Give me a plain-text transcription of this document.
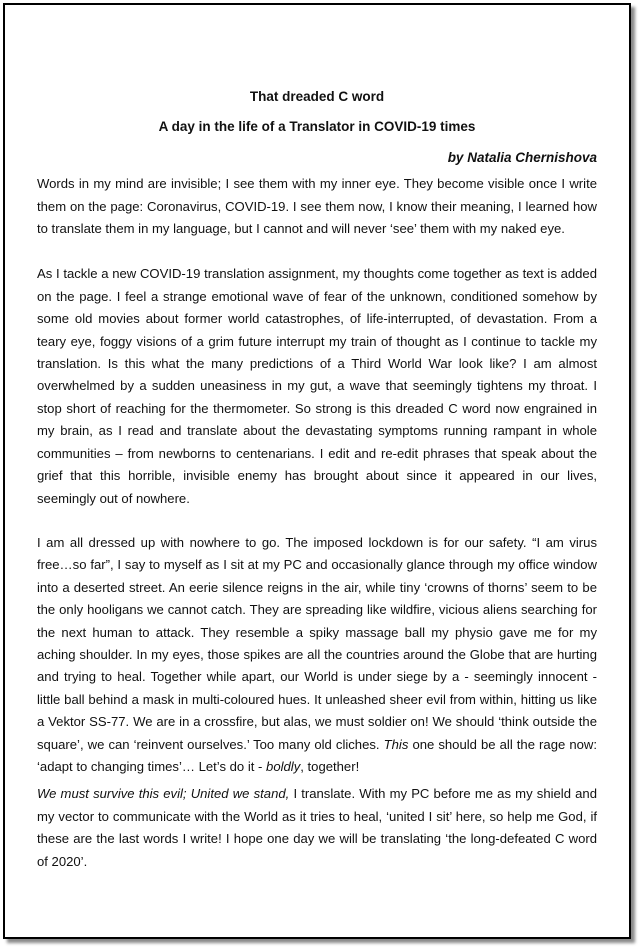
That dreaded C word

A day in the life of a Translator in COVID-19 times

by Natalia Chernishova

Words in my mind are invisible; I see them with my inner eye. They become visible once I write them on the page: Coronavirus, COVID-19. I see them now, I know their meaning, I learned how to translate them in my language, but I cannot and will never ‘see’ them with my naked eye.

As I tackle a new COVID-19 translation assignment, my thoughts come together as text is added on the page. I feel a strange emotional wave of fear of the unknown, conditioned somehow by some old movies about former world catastrophes, of life-interrupted, of devastation. From a teary eye, foggy visions of a grim future interrupt my train of thought as I continue to tackle my translation. Is this what the many predictions of a Third World War look like? I am almost overwhelmed by a sudden uneasiness in my gut, a wave that seemingly tightens my throat. I stop short of reaching for the thermometer. So strong is this dreaded C word now engrained in my brain, as I read and translate about the devastating symptoms running rampant in whole communities – from newborns to centenarians. I edit and re-edit phrases that speak about the grief that this horrible, invisible enemy has brought about since it appeared in our lives, seemingly out of nowhere.

I am all dressed up with nowhere to go. The imposed lockdown is for our safety. “I am virus free…so far”, I say to myself as I sit at my PC and occasionally glance through my office window into a deserted street. An eerie silence reigns in the air, while tiny ‘crowns of thorns’ seem to be the only hooligans we cannot catch. They are spreading like wildfire, vicious aliens searching for the next human to attack. They resemble a spiky massage ball my physio gave me for my aching shoulder. In my eyes, those spikes are all the countries around the Globe that are hurting and trying to heal. Together while apart, our World is under siege by a - seemingly innocent - little ball behind a mask in multi-coloured hues. It unleashed sheer evil from within, hitting us like a Vektor SS-77. We are in a crossfire, but alas, we must soldier on! We should ‘think outside the square’, we can ‘reinvent ourselves.’ Too many old cliches. This one should be all the rage now: ‘adapt to changing times’… Let’s do it - boldly, together!

We must survive this evil; United we stand, I translate. With my PC before me as my shield and my vector to communicate with the World as it tries to heal, ‘united I sit’ here, so help me God, if these are the last words I write! I hope one day we will be translating ‘the long-defeated C word of 2020’.
